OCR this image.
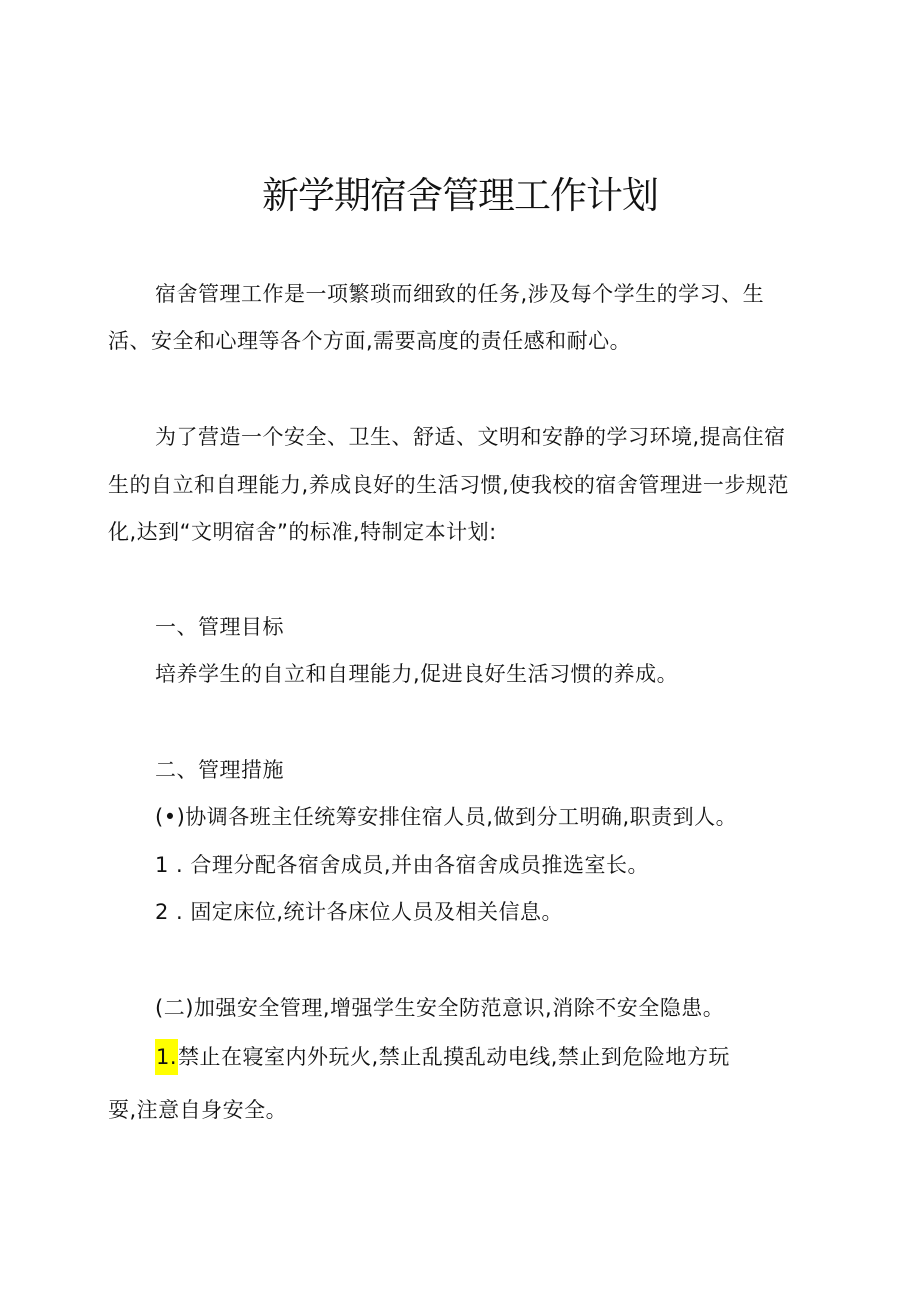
新学期宿舍管理工作计划
宿舍管理工作是一项繁琐而细致的任务,涉及每个学生的学习、生
活、安全和心理等各个方面,需要高度的责任感和耐心。
为了营造一个安全、卫生、舒适、文明和安静的学习环境,提高住宿
生的自立和自理能力,养成良好的生活习惯,使我校的宿舍管理进一步规范
化,达到“文明宿舍”的标准,特制定本计划:
一、管理目标
培养学生的自立和自理能力,促进良好生活习惯的养成。
二、管理措施
(•)协调各班主任统筹安排住宿人员,做到分工明确,职责到人。
1 . 合理分配各宿舍成员,并由各宿舍成员推选室长。
2 . 固定床位,统计各床位人员及相关信息。
(二)加强安全管理,增强学生安全防范意识,消除不安全隐患。
1.禁止在寝室内外玩火,禁止乱摸乱动电线,禁止到危险地方玩
耍,注意自身安全。
